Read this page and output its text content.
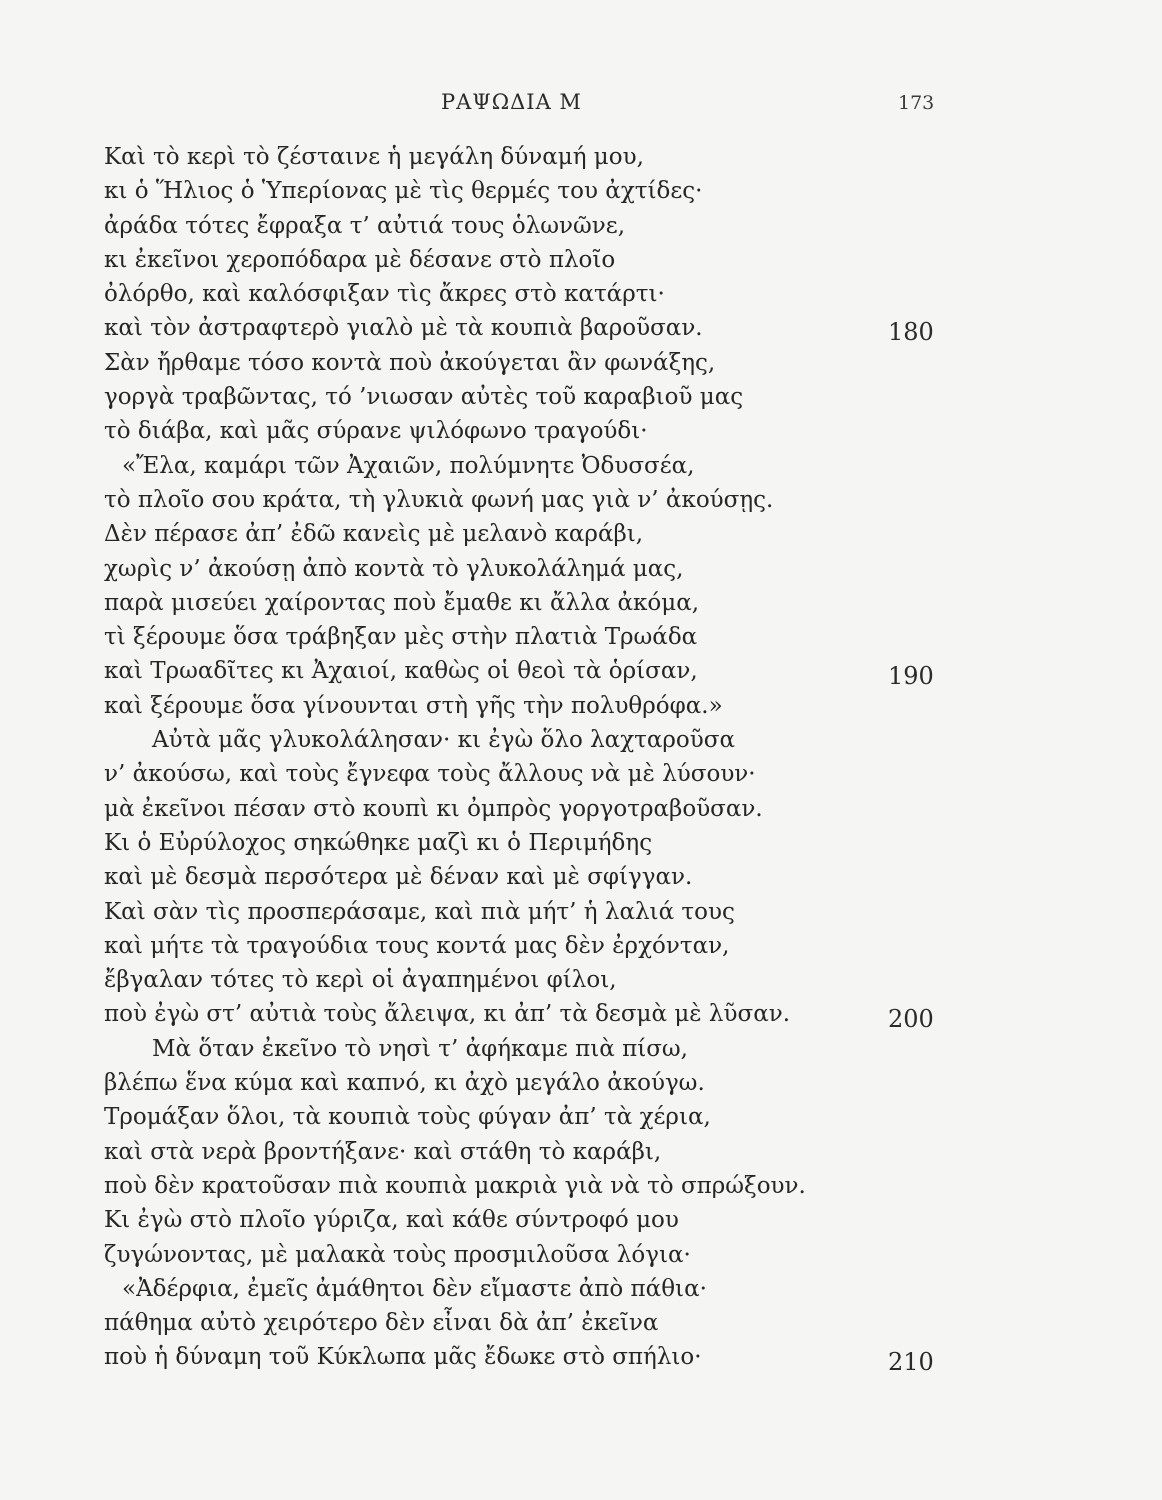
ΡΑΨΩΔΙΑ Μ	173
Καὶ τὸ κερὶ τὸ ζέσταινε ἡ μεγάλη δύναμή μου,
κι ὁ Ἥλιος ὁ Ὑπερίονας μὲ τὶς θερμές του ἀχτίδες·
ἀράδα τότες ἔφραξα τ’ αὐτιά τους ὁλωνῶνε,
κι ἐκεῖνοι χεροπόδαρα μὲ δέσανε στὸ πλοῖο
ὀλόρθο, καὶ καλόσφιξαν τὶς ἄκρες στὸ κατάρτι·
καὶ τὸν ἀστραφτερὸ γιαλὸ μὲ τὰ κουπιὰ βαροῦσαν.
Σὰν ἤρθαμε τόσο κοντὰ ποὺ ἀκούγεται ἂν φωνάξης,
γοργὰ τραβῶντας, τό ’νιωσαν αὐτὲς τοῦ καραβιοῦ μας
τὸ διάβα, καὶ μᾶς σύρανε ψιλόφωνο τραγούδι·
«Ἔλα, καμάρι τῶν Ἀχαιῶν, πολύμνητε Ὀδυσσέα,
τὸ πλοῖο σου κράτα, τὴ γλυκιὰ φωνή μας γιὰ ν’ ἀκούσῃς.
Δὲν πέρασε ἀπ’ ἐδῶ κανεὶς μὲ μελανὸ καράβι,
χωρὶς ν’ ἀκούσῃ ἀπὸ κοντὰ τὸ γλυκολάλημά μας,
παρὰ μισεύει χαίροντας ποὺ ἔμαθε κι ἄλλα ἀκόμα,
τὶ ξέρουμε ὅσα τράβηξαν μὲς στὴν πλατιὰ Τρωάδα
καὶ Τρωαδῖτες κι Ἀχαιοί, καθὼς οἱ θεοὶ τὰ ὁρίσαν,
καὶ ξέρουμε ὅσα γίνουνται στὴ γῆς τὴν πολυθρόφα.»
Αὐτὰ μᾶς γλυκολάλησαν· κι ἐγὼ ὅλο λαχταροῦσα
ν’ ἀκούσω, καὶ τοὺς ἔγνεφα τοὺς ἄλλους νὰ μὲ λύσουν·
μὰ ἐκεῖνοι πέσαν στὸ κουπὶ κι ὀμπρὸς γοργοτραβοῦσαν.
Κι ὁ Εὐρύλοχος σηκώθηκε μαζὶ κι ὁ Περιμήδης
καὶ μὲ δεσμὰ περσότερα μὲ δέναν καὶ μὲ σφίγγαν.
Καὶ σὰν τὶς προσπεράσαμε, καὶ πιὰ μήτ’ ἡ λαλιά τους
καὶ μήτε τὰ τραγούδια τους κοντά μας δὲν ἐρχόνταν,
ἔβγαλαν τότες τὸ κερὶ οἱ ἀγαπημένοι φίλοι,
ποὺ ἐγὼ στ’ αὐτιὰ τοὺς ἄλειψα, κι ἀπ’ τὰ δεσμὰ μὲ λῦσαν.
Μὰ ὅταν ἐκεῖνο τὸ νησὶ τ’ ἀφήκαμε πιὰ πίσω,
βλέπω ἕνα κύμα καὶ καπνό, κι ἀχὸ μεγάλο ἀκούγω.
Τρομάξαν ὅλοι, τὰ κουπιὰ τοὺς φύγαν ἀπ’ τὰ χέρια,
καὶ στὰ νερὰ βροντήξανε· καὶ στάθη τὸ καράβι,
ποὺ δὲν κρατοῦσαν πιὰ κουπιὰ μακριὰ γιὰ νὰ τὸ σπρώξουν.
Κι ἐγὼ στὸ πλοῖο γύριζα, καὶ κάθε σύντροφό μου
ζυγώνοντας, μὲ μαλακὰ τοὺς προσμιλοῦσα λόγια·
«Ἀδέρφια, ἐμεῖς ἀμάθητοι δὲν εἴμαστε ἀπὸ πάθια·
πάθημα αὐτὸ χειρότερο δὲν εἶναι δὰ ἀπ’ ἐκεῖνα
ποὺ ἡ δύναμη τοῦ Κύκλωπα μᾶς ἔδωκε στὸ σπήλιο·
180
190
200
210
